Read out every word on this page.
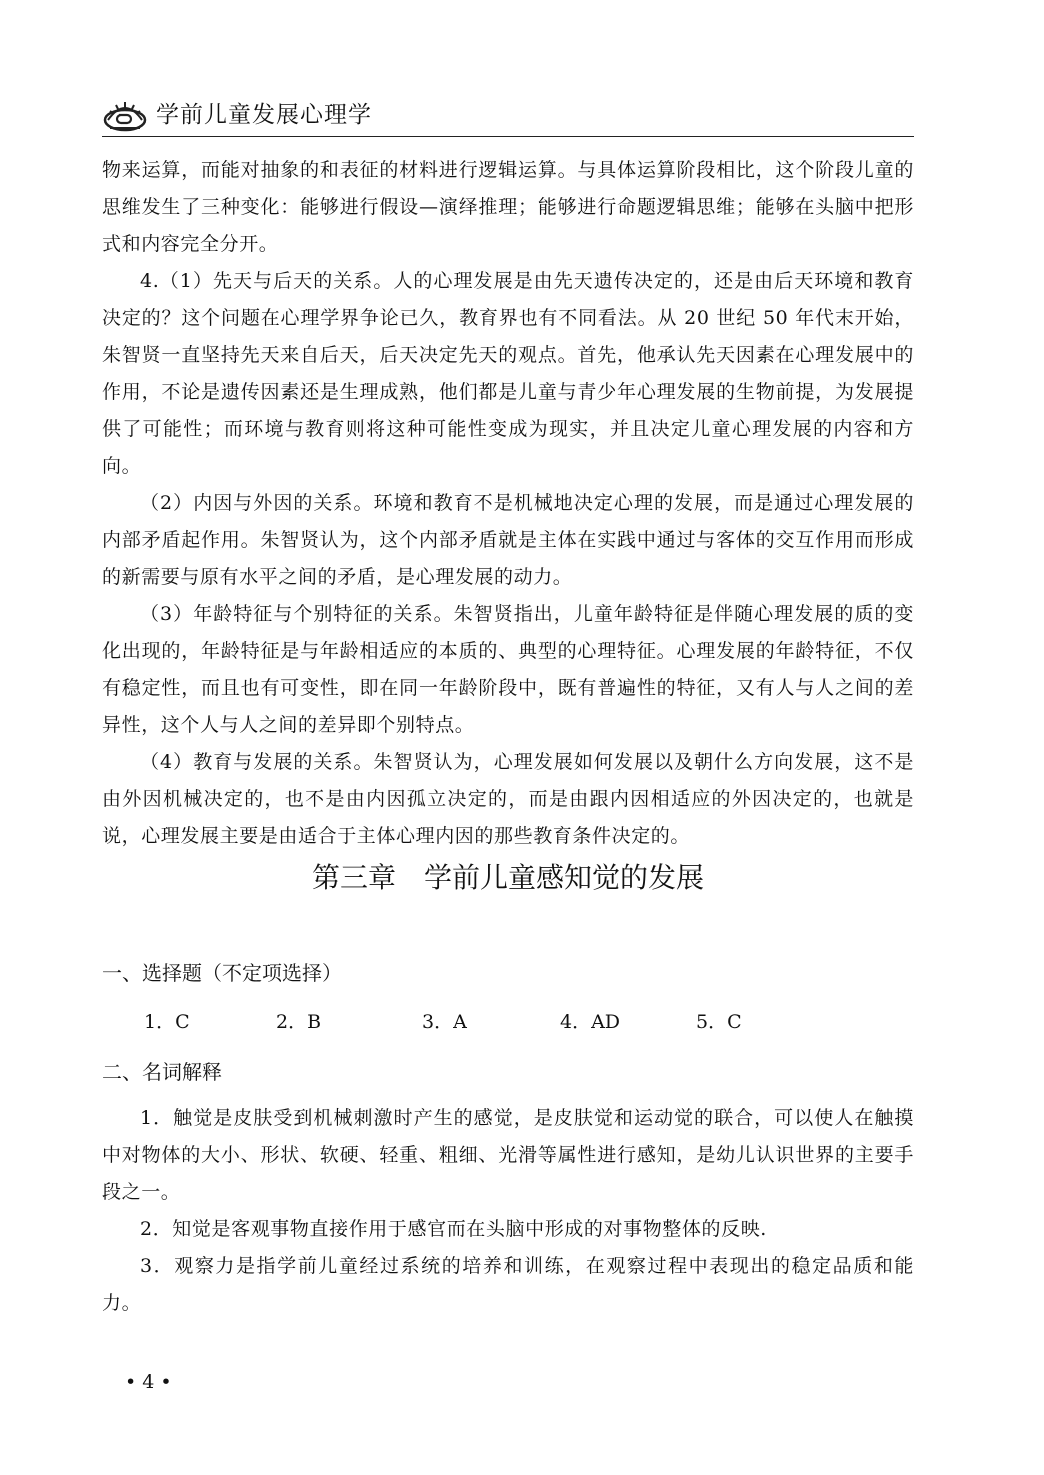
学前儿童发展心理学

物来运算，而能对抽象的和表征的材料进行逻辑运算。与具体运算阶段相比，这个阶段儿童的思维发生了三种变化：能够进行假设—演绎推理；能够进行命题逻辑思维；能够在头脑中把形式和内容完全分开。

4.（1）先天与后天的关系。人的心理发展是由先天遗传决定的，还是由后天环境和教育决定的？这个问题在心理学界争论已久，教育界也有不同看法。从 20 世纪 50 年代末开始，朱智贤一直坚持先天来自后天，后天决定先天的观点。首先，他承认先天因素在心理发展中的作用，不论是遗传因素还是生理成熟，他们都是儿童与青少年心理发展的生物前提，为发展提供了可能性；而环境与教育则将这种可能性变成为现实，并且决定儿童心理发展的内容和方向。

（2）内因与外因的关系。环境和教育不是机械地决定心理的发展，而是通过心理发展的内部矛盾起作用。朱智贤认为，这个内部矛盾就是主体在实践中通过与客体的交互作用而形成的新需要与原有水平之间的矛盾，是心理发展的动力。

（3）年龄特征与个别特征的关系。朱智贤指出，儿童年龄特征是伴随心理发展的质的变化出现的，年龄特征是与年龄相适应的本质的、典型的心理特征。心理发展的年龄特征，不仅有稳定性，而且也有可变性，即在同一年龄阶段中，既有普遍性的特征，又有人与人之间的差异性，这个人与人之间的差异即个别特点。

（4）教育与发展的关系。朱智贤认为，心理发展如何发展以及朝什么方向发展，这不是由外因机械决定的，也不是由内因孤立决定的，而是由跟内因相适应的外因决定的，也就是说，心理发展主要是由适合于主体心理内因的那些教育条件决定的。

第三章 学前儿童感知觉的发展
一、选择题（不定项选择）
1．C	2．B	3．A	4．AD	5．C
二、名词解释

1．触觉是皮肤受到机械刺激时产生的感觉，是皮肤觉和运动觉的联合，可以使人在触摸中对物体的大小、形状、软硬、轻重、粗细、光滑等属性进行感知，是幼儿认识世界的主要手段之一。

2．知觉是客观事物直接作用于感官而在头脑中形成的对事物整体的反映.

3．观察力是指学前儿童经过系统的培养和训练，在观察过程中表现出的稳定品质和能力。

• 4 •
